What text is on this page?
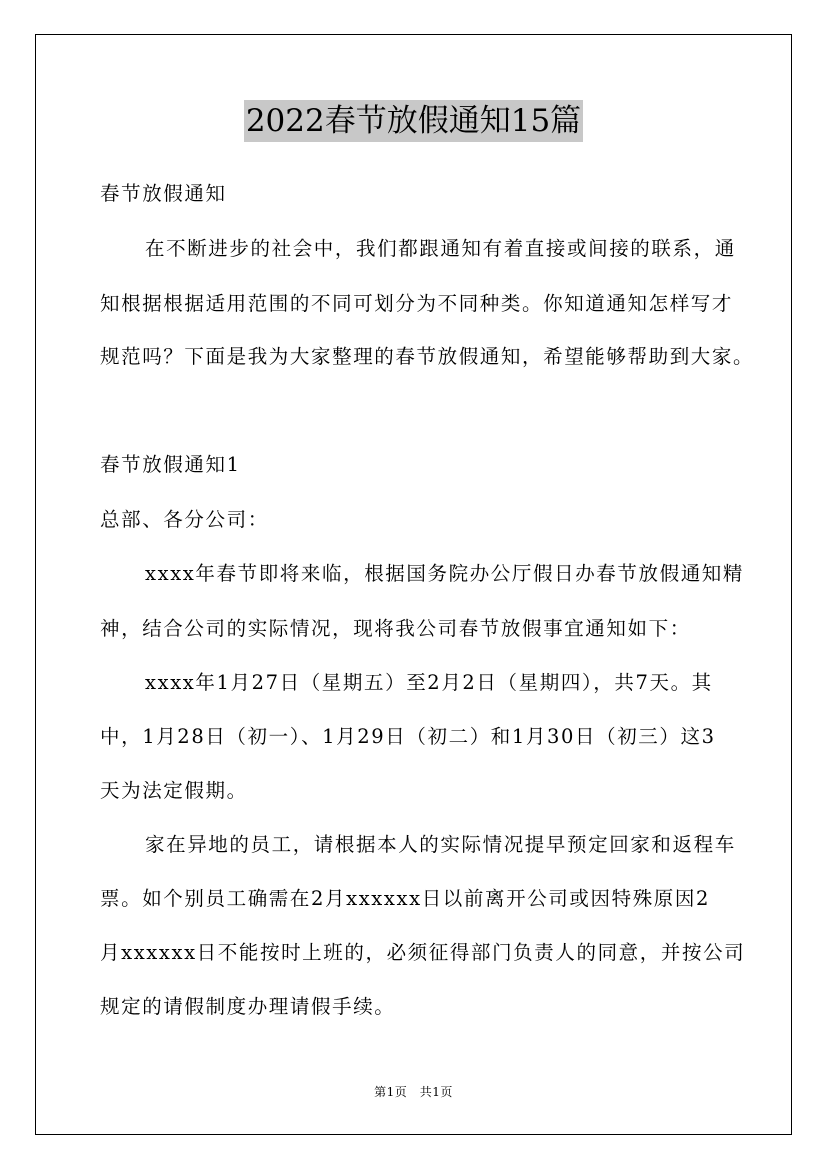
2022春节放假通知15篇
春节放假通知
在不断进步的社会中，我们都跟通知有着直接或间接的联系，通
知根据根据适用范围的不同可划分为不同种类。你知道通知怎样写才
规范吗？下面是我为大家整理的春节放假通知，希望能够帮助到大家。
春节放假通知1
总部、各分公司：
xxxx年春节即将来临，根据国务院办公厅假日办春节放假通知精
神，结合公司的实际情况，现将我公司春节放假事宜通知如下：
xxxx年1月27日（星期五）至2月2日（星期四），共7天。其
中，1月28日（初一）、1月29日（初二）和1月30日（初三）这3
天为法定假期。
家在异地的员工，请根据本人的实际情况提早预定回家和返程车
票。如个别员工确需在2月xxxxxx日以前离开公司或因特殊原因2
月xxxxxx日不能按时上班的，必须征得部门负责人的同意，并按公司
规定的请假制度办理请假手续。
第1页　共1页
